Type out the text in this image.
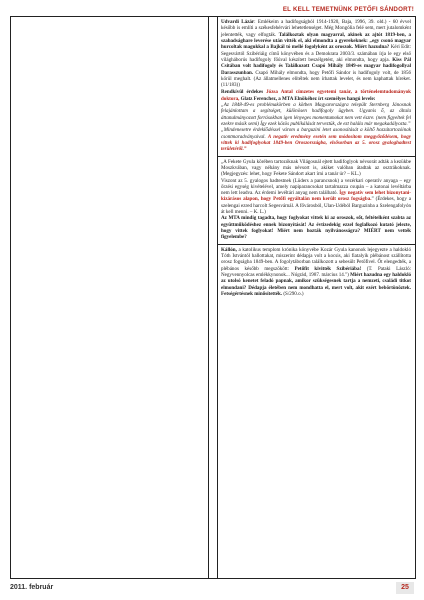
EL KELL TEMETNÜNK PETŐFI SÁNDORT!
Udvardi Lázár: Emlékeim a hadifogságból 1914-1920, Baja, 1996, 39. old.) - 60 évvel később is említi a székesfehérvári lehetetlenséget. Még Mongólia felé sem, mert jutalomként jelentették, vagy elfogták. Találkoztak olyan magyarral, akinek az ajtót 1819-ben, a szabadsághare leverése után vitték el, aki elmondta a gyerekeknek: „egy csonó magyar hurcoltak magukkal a Bajkál tó mellé fogolyként az oroszok. Miért hazudna? Kéri Edit: Segesvártól Szibériáig című könyvében és a Demokrata 2003/3. számában írja le egy első világháborús hadifogoly főúval készített beszélgetést, aki elmondta, hogy apja. Kiss Pál Csitában volt hadifogoly és Találkozott Csapó Mihály 1849-es magyar hadifogollyal Darasszunban. Csapó Mihály elmondta, hogy Petőfi Sándor is hadifogoly volt, de 1856 körül meghalt. (Az állatmellenes elítéltek nem írhattak levelet, és nem kaphattak híreket. (11/183))
Rendkívül érdekes Józsa Antal címzetes egyetemi tanár, a történelemtudományok doktora, Glatz Ferenchez, a MTA Elnökéhez írt személyes hangú levele:
„Az 1848-49-es problémakörben a kötben Magyarországra települt Sternberg Jánosnak felajánlottam a segítséget, különösen hadifogoly ügyben. Ugyanis ő, az általa áttanulmányozott forrásokban igen lényeges momentumokat nem vett észre. (nem figyeltek fel ezekre másik semi) Így ezek közös publikálását terveztük, de ezt halála már megakadályozta.”
„Mindenesetre érdeklődéssel várom a barguzini letet asonosítását a költő hozzátartozóinak csontmaradványaival. A negatív eredmény esetén sem módosítom meggyőződésem, hogy vittek ki hadifoglyokat 1849-ben Oroszországba, elsősorban az 5. orosz gyaloghadtest területéről.”
„A Fekete Gyula körében tartozóknak Világosnál ejtett hadifoglyok névsorát adták a kezükbe Moszkvában, vagy néhány más névsort is, akiket valóban átadtak az osztrákoknak. (Megjegyzés: lehet, hogy Fekete Sándort akart írni a tanár úr? – KL.)
Viszont az 5. gyalogos hadtestnek (Lüders a parancsnok) a vezérkari operatív anyaga – egy őrzési egység kivételével, amely napiparancsokat tartalmazza csupán – a katonai levéltárba nem lett leadva. Az érdemi levéltári anyag nem található. Így negatív sem lehet bizonytani-kizárásos alapon, hogy Petőfi egyáltalán nem került orosz fogságba.” (Érdekes, hogy a szelengai ezred harcolt Segesvárnál. A fővárosból, Ulan-Udéból Barguzinba a Szelengafolyón át kell menni. – K. L.)
Az MTA mindig tagadta, hogy foglyokat vittek ki az oroszok, sőt, feltételként szabta az együttműködéshez ennek bizonyítását! Az évtizedekig ezzel foglalkozó kutató jelezte, hogy vittek foglyokat! Miért nem hozták nyilvánosságra? MIÉRT nem vették figyelembe?
Kállón, a katolikus templom krónika könyvébe Kozár Gyula kanonok lejegyezte a haldokló Tóth Istvántól hallottakat, miszerint dédapja volt a kocsis, aki fiatalyik plébánost szállította orosz fogságba 1849-ben. A fogolytáborban találkozott a sebesült Petőfivel. Őt elengedték, a plébános később megszökött: Petőfit kivitték Szibériába! (T. Pataki László: Negyvennyolcas emlékkynonok... Nógrád, 1987. március 14.") Miért hazudna egy haldokló az utolsó kenetet feladó papnak, amikor szükségesnek tartja a nemzeti, családi titkot elmondani? Dédapja életében nem mondhatta el, mert volt, akit ezért bebörtönöztek. Fetségértésnek minősítették. (S/290.o.)
2011. február	25
